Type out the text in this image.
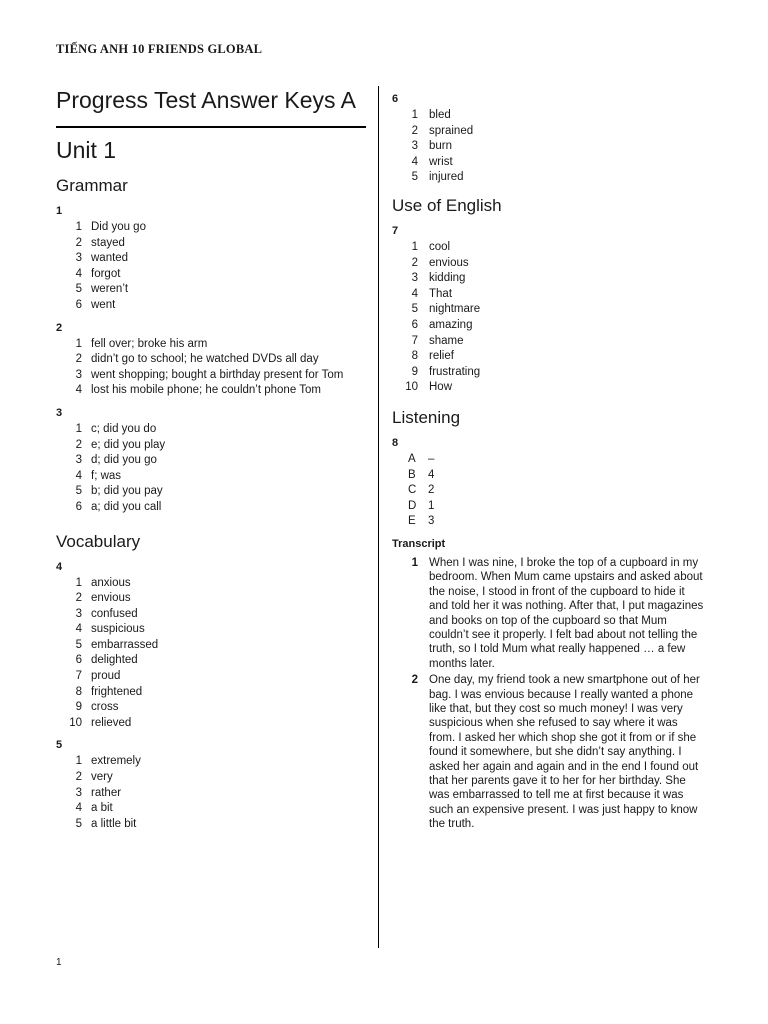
TIẾNG ANH 10 FRIENDS GLOBAL
Progress Test Answer Keys A
Unit 1
Grammar
1
1 Did you go
2 stayed
3 wanted
4 forgot
5 weren’t
6 went
2
1 fell over; broke his arm
2 didn’t go to school; he watched DVDs all day
3 went shopping; bought a birthday present for Tom
4 lost his mobile phone; he couldn’t phone Tom
3
1 c; did you do
2 e; did you play
3 d; did you go
4 f; was
5 b; did you pay
6 a; did you call
Vocabulary
4
1 anxious
2 envious
3 confused
4 suspicious
5 embarrassed
6 delighted
7 proud
8 frightened
9 cross
10 relieved
5
1 extremely
2 very
3 rather
4 a bit
5 a little bit
6
1 bled
2 sprained
3 burn
4 wrist
5 injured
Use of English
7
1 cool
2 envious
3 kidding
4 That
5 nightmare
6 amazing
7 shame
8 relief
9 frustrating
10 How
Listening
8
A –
B 4
C 2
D 1
E 3
Transcript
1 When I was nine, I broke the top of a cupboard in my bedroom. When Mum came upstairs and asked about the noise, I stood in front of the cupboard to hide it and told her it was nothing. After that, I put magazines and books on top of the cupboard so that Mum couldn’t see it properly. I felt bad about not telling the truth, so I told Mum what really happened … a few months later.
2 One day, my friend took a new smartphone out of her bag. I was envious because I really wanted a phone like that, but they cost so much money! I was very suspicious when she refused to say where it was from. I asked her which shop she got it from or if she found it somewhere, but she didn’t say anything. I asked her again and again and in the end I found out that her parents gave it to her for her birthday. She was embarrassed to tell me at first because it was such an expensive present. I was just happy to know the truth.
1
